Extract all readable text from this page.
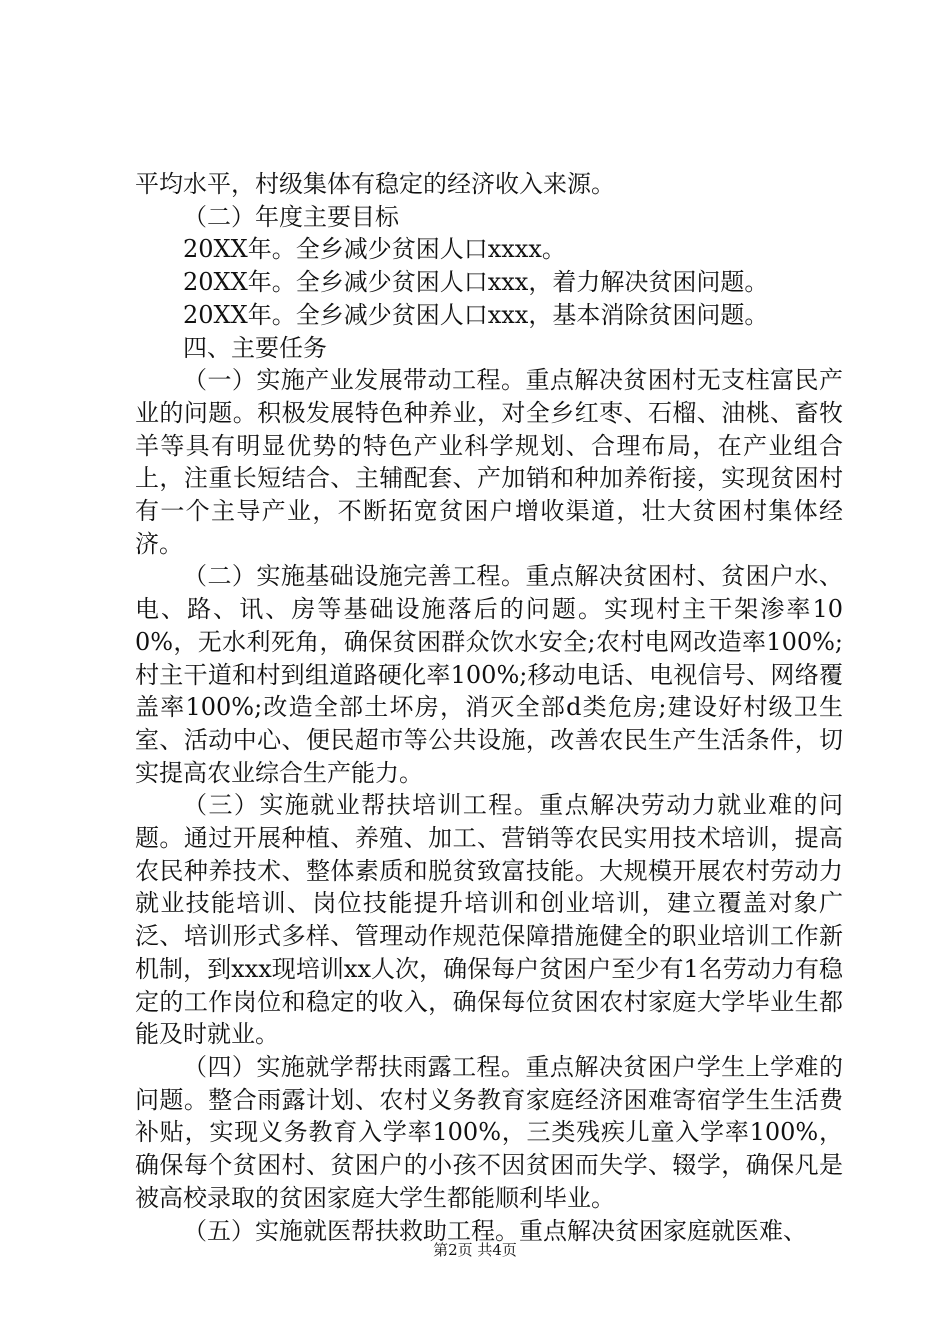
平均水平，村级集体有稳定的经济收入来源。

（二）年度主要目标

20XX年。全乡减少贫困人口xxxx。

20XX年。全乡减少贫困人口xxx，着力解决贫困问题。

20XX年。全乡减少贫困人口xxx，基本消除贫困问题。

四、主要任务

（一）实施产业发展带动工程。重点解决贫困村无支柱富民产业的问题。积极发展特色种养业，对全乡红枣、石榴、油桃、畜牧羊等具有明显优势的特色产业科学规划、合理布局，在产业组合上，注重长短结合、主辅配套、产加销和种加养衔接，实现贫困村有一个主导产业，不断拓宽贫困户增收渠道，壮大贫困村集体经济。

（二）实施基础设施完善工程。重点解决贫困村、贫困户水、电、路、讯、房等基础设施落后的问题。实现村主干架渗率100%，无水利死角，确保贫困群众饮水安全;农村电网改造率100%;村主干道和村到组道路硬化率100%;移动电话、电视信号、网络覆盖率100%;改造全部土坏房，消灭全部d类危房;建设好村级卫生室、活动中心、便民超市等公共设施，改善农民生产生活条件，切实提高农业综合生产能力。

（三）实施就业帮扶培训工程。重点解决劳动力就业难的问题。通过开展种植、养殖、加工、营销等农民实用技术培训，提高农民种养技术、整体素质和脱贫致富技能。大规模开展农村劳动力就业技能培训、岗位技能提升培训和创业培训，建立覆盖对象广泛、培训形式多样、管理动作规范保障措施健全的职业培训工作新机制，到xxx现培训xx人次，确保每户贫困户至少有1名劳动力有稳定的工作岗位和稳定的收入，确保每位贫困农村家庭大学毕业生都能及时就业。

（四）实施就学帮扶雨露工程。重点解决贫困户学生上学难的问题。整合雨露计划、农村义务教育家庭经济困难寄宿学生生活费补贴，实现义务教育入学率100%，三类残疾儿童入学率100%，确保每个贫困村、贫困户的小孩不因贫困而失学、辍学，确保凡是被高校录取的贫困家庭大学生都能顺利毕业。

（五）实施就医帮扶救助工程。重点解决贫困家庭就医难、

第2页 共4页
